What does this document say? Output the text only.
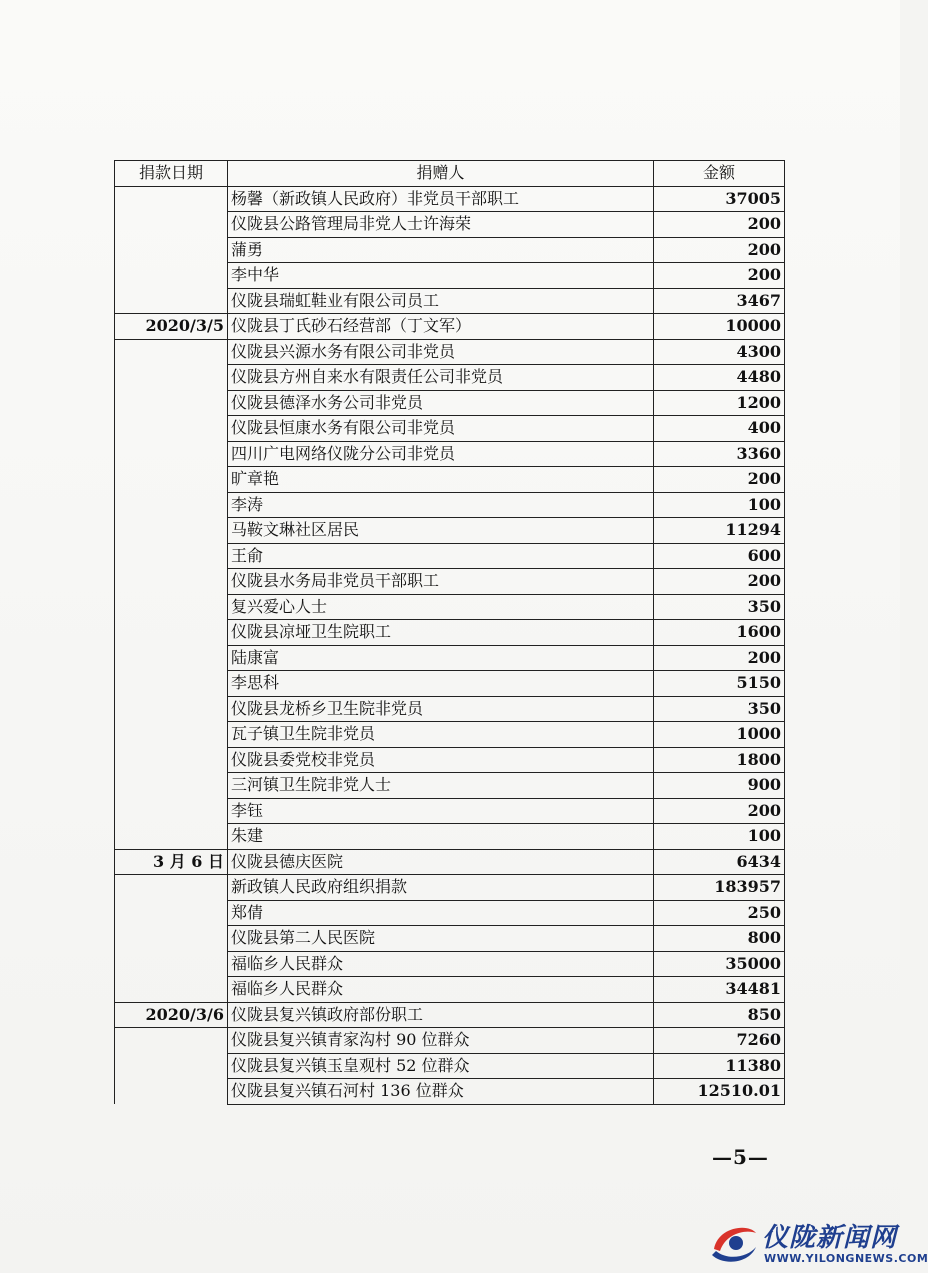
捐款日期	捐赠人	金额
	杨馨（新政镇人民政府）非党员干部职工	37005
	仪陇县公路管理局非党人士许海荣	200
	蒲勇	200
	李中华	200
	仪陇县瑞虹鞋业有限公司员工	3467
2020/3/5	仪陇县丁氏砂石经营部（丁文军）	10000
	仪陇县兴源水务有限公司非党员	4300
	仪陇县方州自来水有限责任公司非党员	4480
	仪陇县德泽水务公司非党员	1200
	仪陇县恒康水务有限公司非党员	400
	四川广电网络仪陇分公司非党员	3360
	旷章艳	200
	李涛	100
	马鞍文琳社区居民	11294
	王俞	600
	仪陇县水务局非党员干部职工	200
	复兴爱心人士	350
	仪陇县凉垭卫生院职工	1600
	陆康富	200
	李思科	5150
	仪陇县龙桥乡卫生院非党员	350
	瓦子镇卫生院非党员	1000
	仪陇县委党校非党员	1800
	三河镇卫生院非党人士	900
	李钰	200
	朱建	100
3 月 6 日	仪陇县德庆医院	6434
	新政镇人民政府组织捐款	183957
	郑倩	250
	仪陇县第二人民医院	800
	福临乡人民群众	35000
	福临乡人民群众	34481
2020/3/6	仪陇县复兴镇政府部份职工	850
	仪陇县复兴镇青家沟村 90 位群众	7260
	仪陇县复兴镇玉皇观村 52 位群众	11380
	仪陇县复兴镇石河村 136 位群众	12510.01
—5—
仪陇新闻网
WWW.YILONGNEWS.COM
